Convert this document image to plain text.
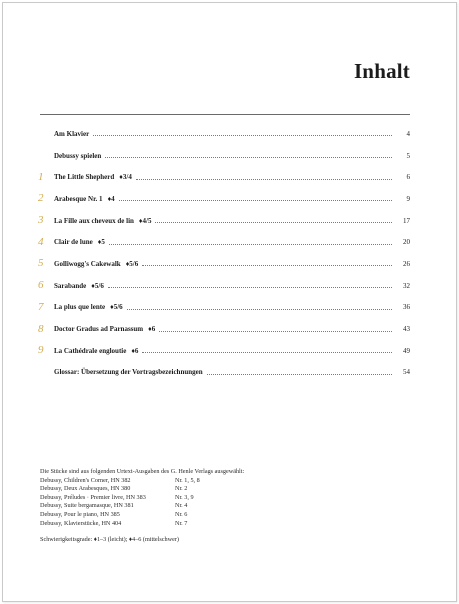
Inhalt
Am Klavier	4
Debussy spielen	5
1	The Little Shepherd ♦3/4	6
2	Arabesque Nr. 1 ♦4	9
3	La Fille aux cheveux de lin ♦4/5	17
4	Clair de lune ♦5	20
5	Golliwogg's Cakewalk ♦5/6	26
6	Sarabande ♦5/6	32
7	La plus que lente ♦5/6	36
8	Doctor Gradus ad Parnassum ♦6	43
9	La Cathédrale engloutie ♦6	49
Glossar: Übersetzung der Vortragsbezeichnungen	54
Die Stücke sind aus folgenden Urtext-Ausgaben des G. Henle Verlags ausgewählt:
Debussy, Children's Corner, HN 382	Nr. 1, 5, 8
Debussy, Deux Arabesques, HN 380	Nr. 2
Debussy, Préludes · Premier livre, HN 383	Nr. 3, 9
Debussy, Suite bergamasque, HN 381	Nr. 4
Debussy, Pour le piano, HN 385	Nr. 6
Debussy, Klavierstücke, HN 404	Nr. 7
Schwierigkeitsgrade: ♦1–3 (leicht); ♦4–6 (mittelschwer)
